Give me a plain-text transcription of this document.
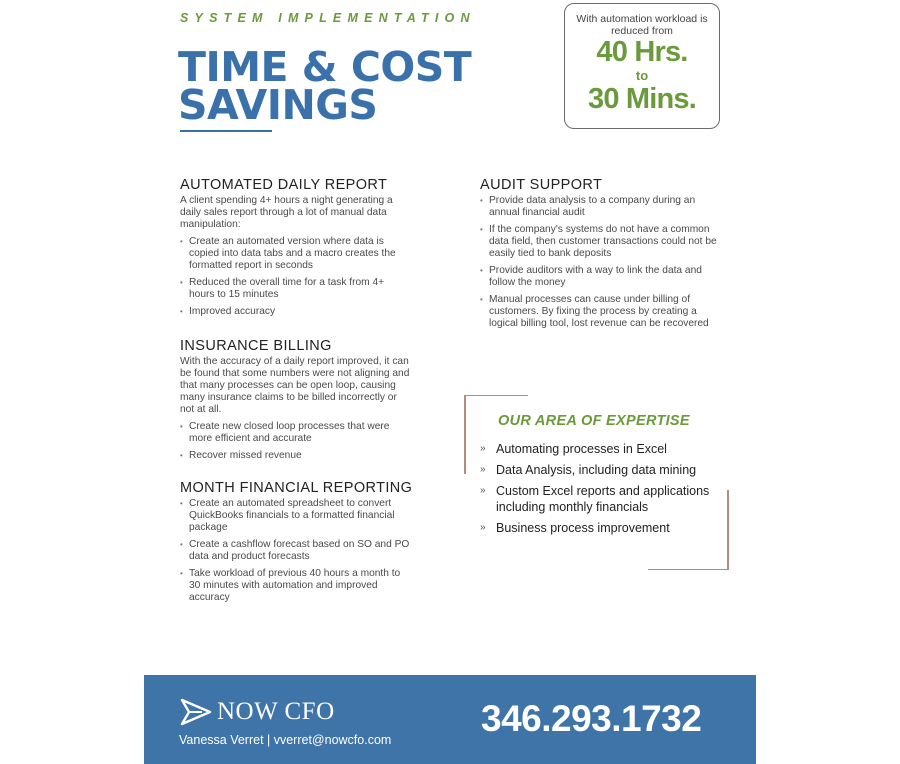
SYSTEM IMPLEMENTATION
TIME & COST
SAVINGS
With automation workload is reduced from
40 Hrs.
to
30 Mins.
AUTOMATED DAILY REPORT

A client spending 4+ hours a night generating a daily sales report through a lot of manual data manipulation:

• Create an automated version where data is copied into data tabs and a macro creates the formatted report in seconds
• Reduced the overall time for a task from 4+ hours to 15 minutes
• Improved accuracy
INSURANCE BILLING

With the accuracy of a daily report improved, it can be found that some numbers were not aligning and that many processes can be open loop, causing many insurance claims to be billed incorrectly or not at all.

• Create new closed loop processes that were more efficient and accurate
• Recover missed revenue
MONTH FINANCIAL REPORTING
• Create an automated spreadsheet to convert QuickBooks financials to a formatted financial package
• Create a cashflow forecast based on SO and PO data and product forecasts
• Take workload of previous 40 hours a month to 30 minutes with automation and improved accuracy
AUDIT SUPPORT
• Provide data analysis to a company during an annual financial audit
• If the company's systems do not have a common data field, then customer transactions could not be easily tied to bank deposits
• Provide auditors with a way to link the data and follow the money
• Manual processes can cause under billing of customers. By fixing the process by creating a logical billing tool, lost revenue can be recovered
OUR AREA OF EXPERTISE
» Automating processes in Excel
» Data Analysis, including data mining
» Custom Excel reports and applications including monthly financials
» Business process improvement
NOW CFO
Vanessa Verret | vverret@nowcfo.com
346.293.1732
